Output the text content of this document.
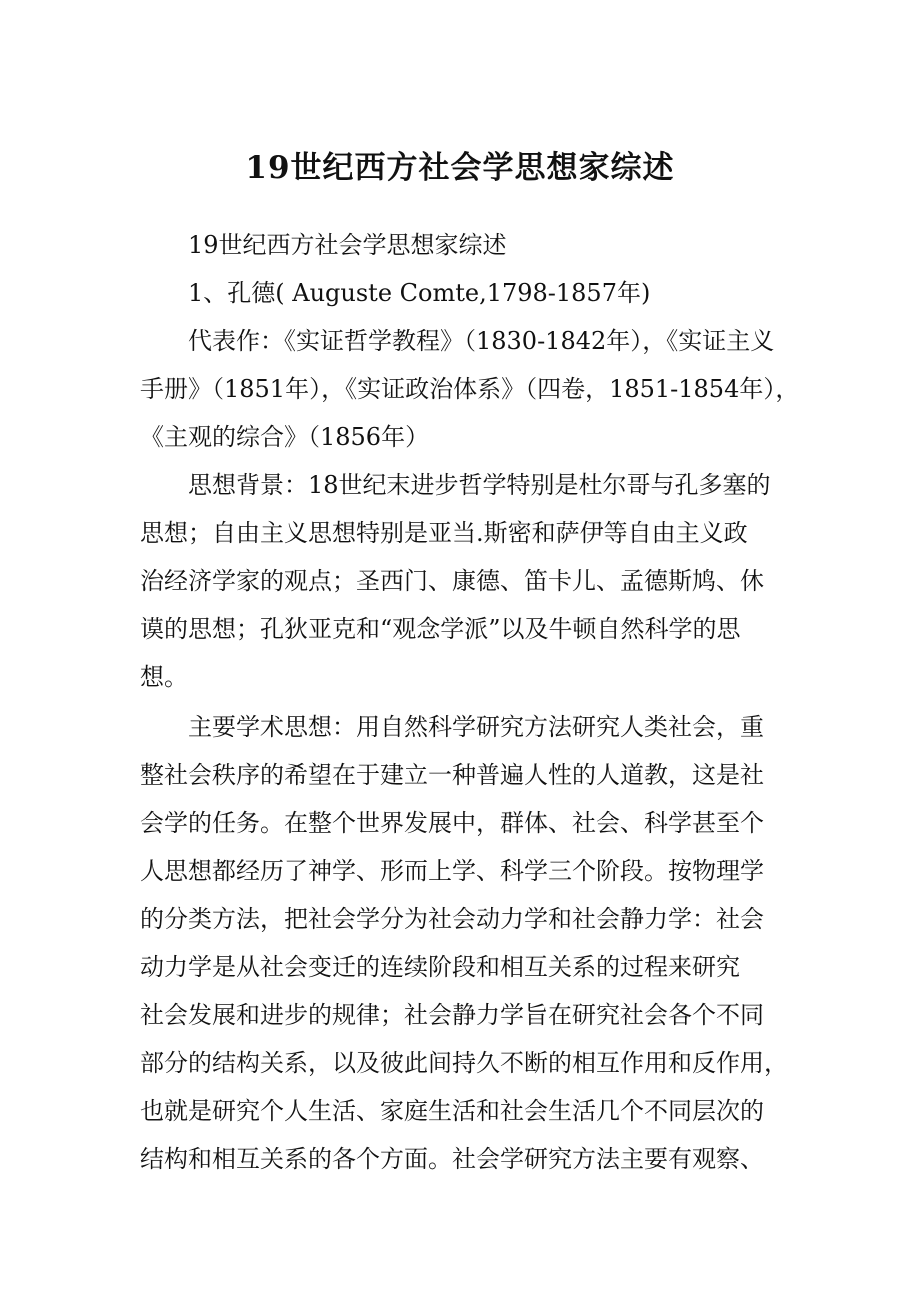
19世纪西方社会学思想家综述
19世纪西方社会学思想家综述
1、孔德( Auguste Comte,1798-1857年)
代表作：《实证哲学教程》（1830-1842年），《实证主义
手册》（1851年），《实证政治体系》（四卷，1851-1854年），
《主观的综合》（1856年）
思想背景：18世纪末进步哲学特别是杜尔哥与孔多塞的
思想；自由主义思想特别是亚当.斯密和萨伊等自由主义政
治经济学家的观点；圣西门、康德、笛卡儿、孟德斯鸠、休
谟的思想；孔狄亚克和“观念学派”以及牛顿自然科学的思
想。
主要学术思想：用自然科学研究方法研究人类社会，重
整社会秩序的希望在于建立一种普遍人性的人道教，这是社
会学的任务。在整个世界发展中，群体、社会、科学甚至个
人思想都经历了神学、形而上学、科学三个阶段。按物理学
的分类方法，把社会学分为社会动力学和社会静力学：社会
动力学是从社会变迁的连续阶段和相互关系的过程来研究
社会发展和进步的规律；社会静力学旨在研究社会各个不同
部分的结构关系，以及彼此间持久不断的相互作用和反作用，
也就是研究个人生活、家庭生活和社会生活几个不同层次的
结构和相互关系的各个方面。社会学研究方法主要有观察、
